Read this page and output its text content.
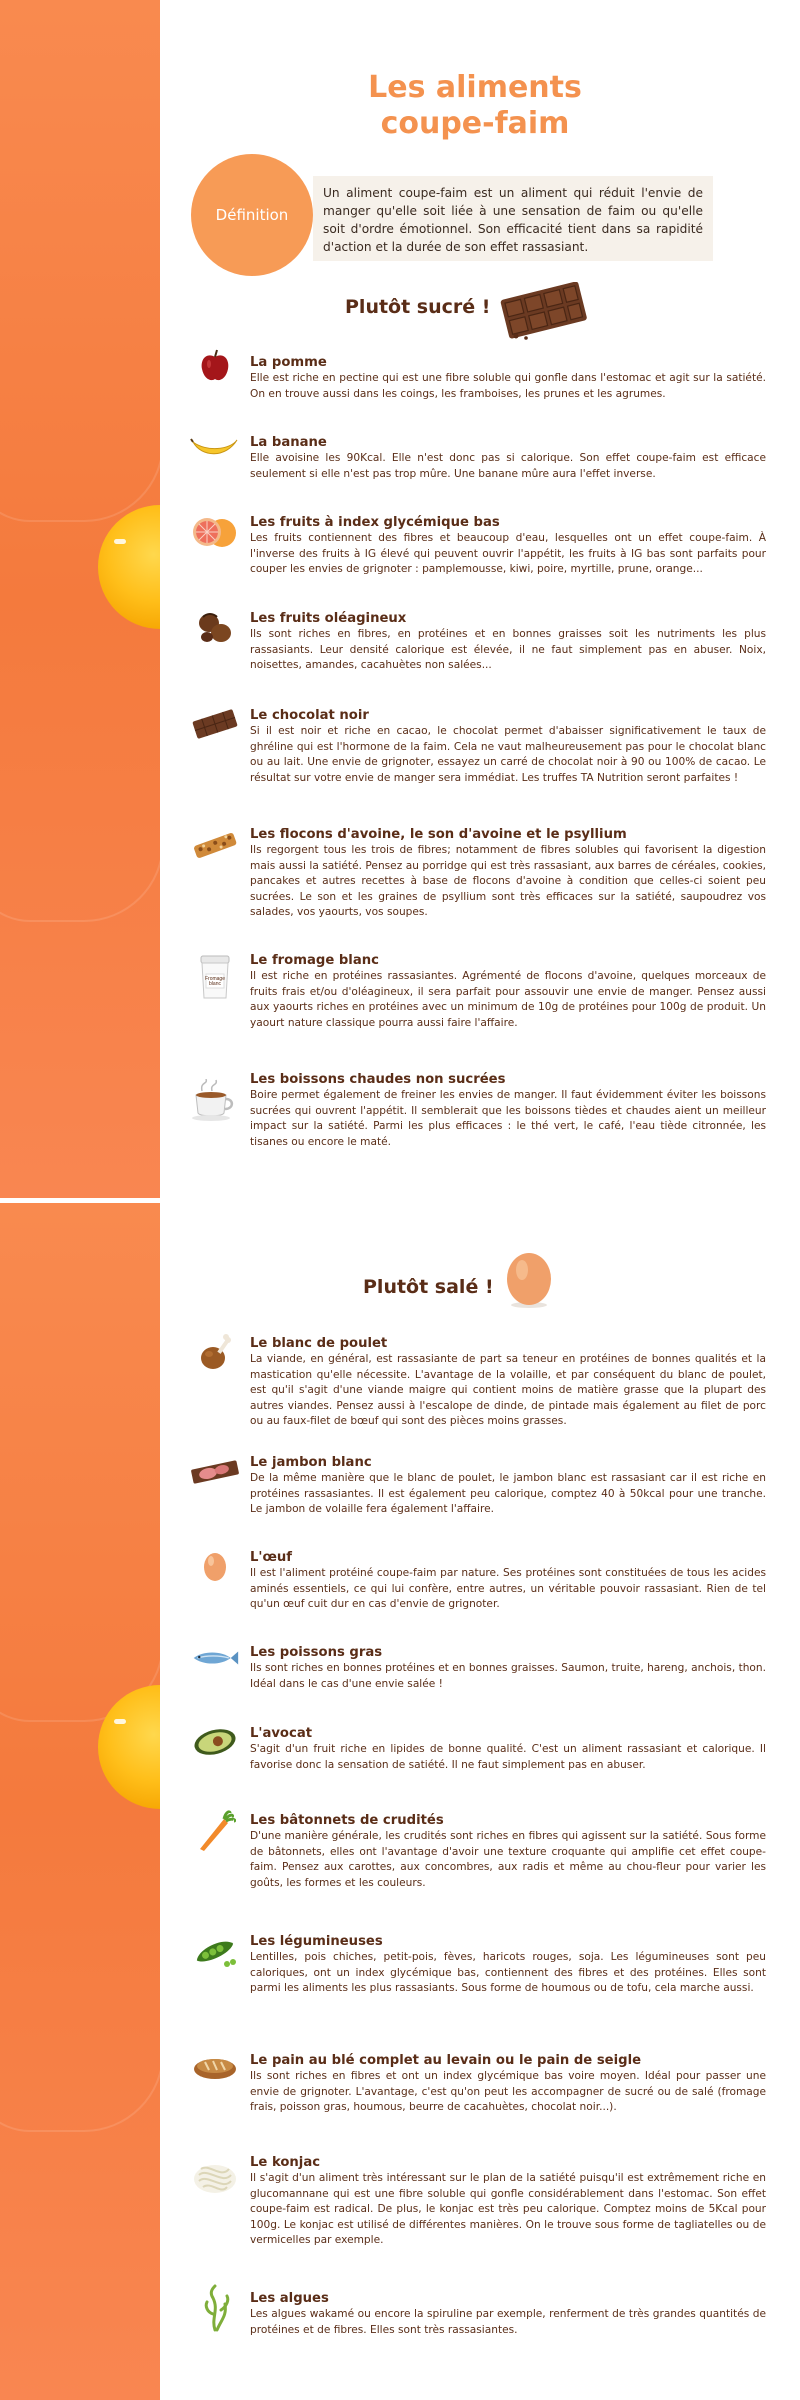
Les aliments
coupe-faim
Définition
Un aliment coupe-faim est un aliment qui réduit l'envie de manger qu'elle soit liée à une sensation de faim ou qu'elle soit d'ordre émotionnel. Son efficacité tient dans sa rapidité d'action et la durée de son effet rassasiant.
Plutôt sucré !
La pomme

Elle est riche en pectine qui est une fibre soluble qui gonfle dans l'estomac et agit sur la satiété. On en trouve aussi dans les coings, les framboises, les prunes et les agrumes.

La banane

Elle avoisine les 90Kcal. Elle n'est donc pas si calorique. Son effet coupe-faim est efficace seulement si elle n'est pas trop mûre. Une banane mûre aura l'effet inverse.

Les fruits à index glycémique bas

Les fruits contiennent des fibres et beaucoup d'eau, lesquelles ont un effet coupe-faim. À l'inverse des fruits à IG élevé qui peuvent ouvrir l'appétit, les fruits à IG bas sont parfaits pour couper les envies de grignoter : pamplemousse, kiwi, poire, myrtille, prune, orange...

Les fruits oléagineux

Ils sont riches en fibres, en protéines et en bonnes graisses soit les nutriments les plus rassasiants. Leur densité calorique est élevée, il ne faut simplement pas en abuser. Noix, noisettes, amandes, cacahuètes non salées...

Le chocolat noir

Si il est noir et riche en cacao, le chocolat permet d'abaisser significativement le taux de ghréline qui est l'hormone de la faim. Cela ne vaut malheureusement pas pour le chocolat blanc ou au lait. Une envie de grignoter, essayez un carré de chocolat noir à 90 ou 100% de cacao. Le résultat sur votre envie de manger sera immédiat. Les truffes TA Nutrition seront parfaites !

Les flocons d'avoine, le son d'avoine et le psyllium

Ils regorgent tous les trois de fibres; notamment de fibres solubles qui favorisent la digestion mais aussi la satiété. Pensez au porridge qui est très rassasiant, aux barres de céréales, cookies, pancakes et autres recettes à base de flocons d'avoine à condition que celles-ci soient peu sucrées. Le son et les graines de psyllium sont très efficaces sur la satiété, saupoudrez vos salades, vos yaourts, vos soupes.

Fromage
blanc
Le fromage blanc

Il est riche en protéines rassasiantes. Agrémenté de flocons d'avoine, quelques morceaux de fruits frais et/ou d'oléagineux, il sera parfait pour assouvir une envie de manger. Pensez aussi aux yaourts riches en protéines avec un minimum de 10g de protéines pour 100g de produit. Un yaourt nature classique pourra aussi faire l'affaire.

Les boissons chaudes non sucrées

Boire permet également de freiner les envies de manger. Il faut évidemment éviter les boissons sucrées qui ouvrent l'appétit. Il semblerait que les boissons tièdes et chaudes aient un meilleur impact sur la satiété. Parmi les plus efficaces : le thé vert, le café, l'eau tiède citronnée, les tisanes ou encore le maté.

Plutôt salé !
Le blanc de poulet

La viande, en général, est rassasiante de part sa teneur en protéines de bonnes qualités et la mastication qu'elle nécessite. L'avantage de la volaille, et par conséquent du blanc de poulet, est qu'il s'agit d'une viande maigre qui contient moins de matière grasse que la plupart des autres viandes. Pensez aussi à l'escalope de dinde, de pintade mais également au filet de porc ou au faux-filet de bœuf qui sont des pièces moins grasses.

Le jambon blanc

De la même manière que le blanc de poulet, le jambon blanc est rassasiant car il est riche en protéines rassasiantes. Il est également peu calorique, comptez 40 à 50kcal pour une tranche. Le jambon de volaille fera également l'affaire.

L'œuf

Il est l'aliment protéiné coupe-faim par nature. Ses protéines sont constituées de tous les acides aminés essentiels, ce qui lui confère, entre autres, un véritable pouvoir rassasiant. Rien de tel qu'un œuf cuit dur en cas d'envie de grignoter.

Les poissons gras

Ils sont riches en bonnes protéines et en bonnes graisses. Saumon, truite, hareng, anchois, thon. Idéal dans le cas d'une envie salée !

L'avocat

S'agit d'un fruit riche en lipides de bonne qualité. C'est un aliment rassasiant et calorique. Il favorise donc la sensation de satiété. Il ne faut simplement pas en abuser.

Les bâtonnets de crudités

D'une manière générale, les crudités sont riches en fibres qui agissent sur la satiété. Sous forme de bâtonnets, elles ont l'avantage d'avoir une texture croquante qui amplifie cet effet coupe-faim. Pensez aux carottes, aux concombres, aux radis et même au chou-fleur pour varier les goûts, les formes et les couleurs.

Les légumineuses

Lentilles, pois chiches, petit-pois, fèves, haricots rouges, soja. Les légumineuses sont peu caloriques, ont un index glycémique bas, contiennent des fibres et des protéines. Elles sont parmi les aliments les plus rassasiants. Sous forme de houmous ou de tofu, cela marche aussi.

Le pain au blé complet au levain ou le pain de seigle

Ils sont riches en fibres et ont un index glycémique bas voire moyen. Idéal pour passer une envie de grignoter. L'avantage, c'est qu'on peut les accompagner de sucré ou de salé (fromage frais, poisson gras, houmous, beurre de cacahuètes, chocolat noir...).

Le konjac

Il s'agit d'un aliment très intéressant sur le plan de la satiété puisqu'il est extrêmement riche en glucomannane qui est une fibre soluble qui gonfle considérablement dans l'estomac. Son effet coupe-faim est radical. De plus, le konjac est très peu calorique. Comptez moins de 5Kcal pour 100g. Le konjac est utilisé de différentes manières. On le trouve sous forme de tagliatelles ou de vermicelles par exemple.

Les algues

Les algues wakamé ou encore la spiruline par exemple, renferment de très grandes quantités de protéines et de fibres. Elles sont très rassasiantes.
